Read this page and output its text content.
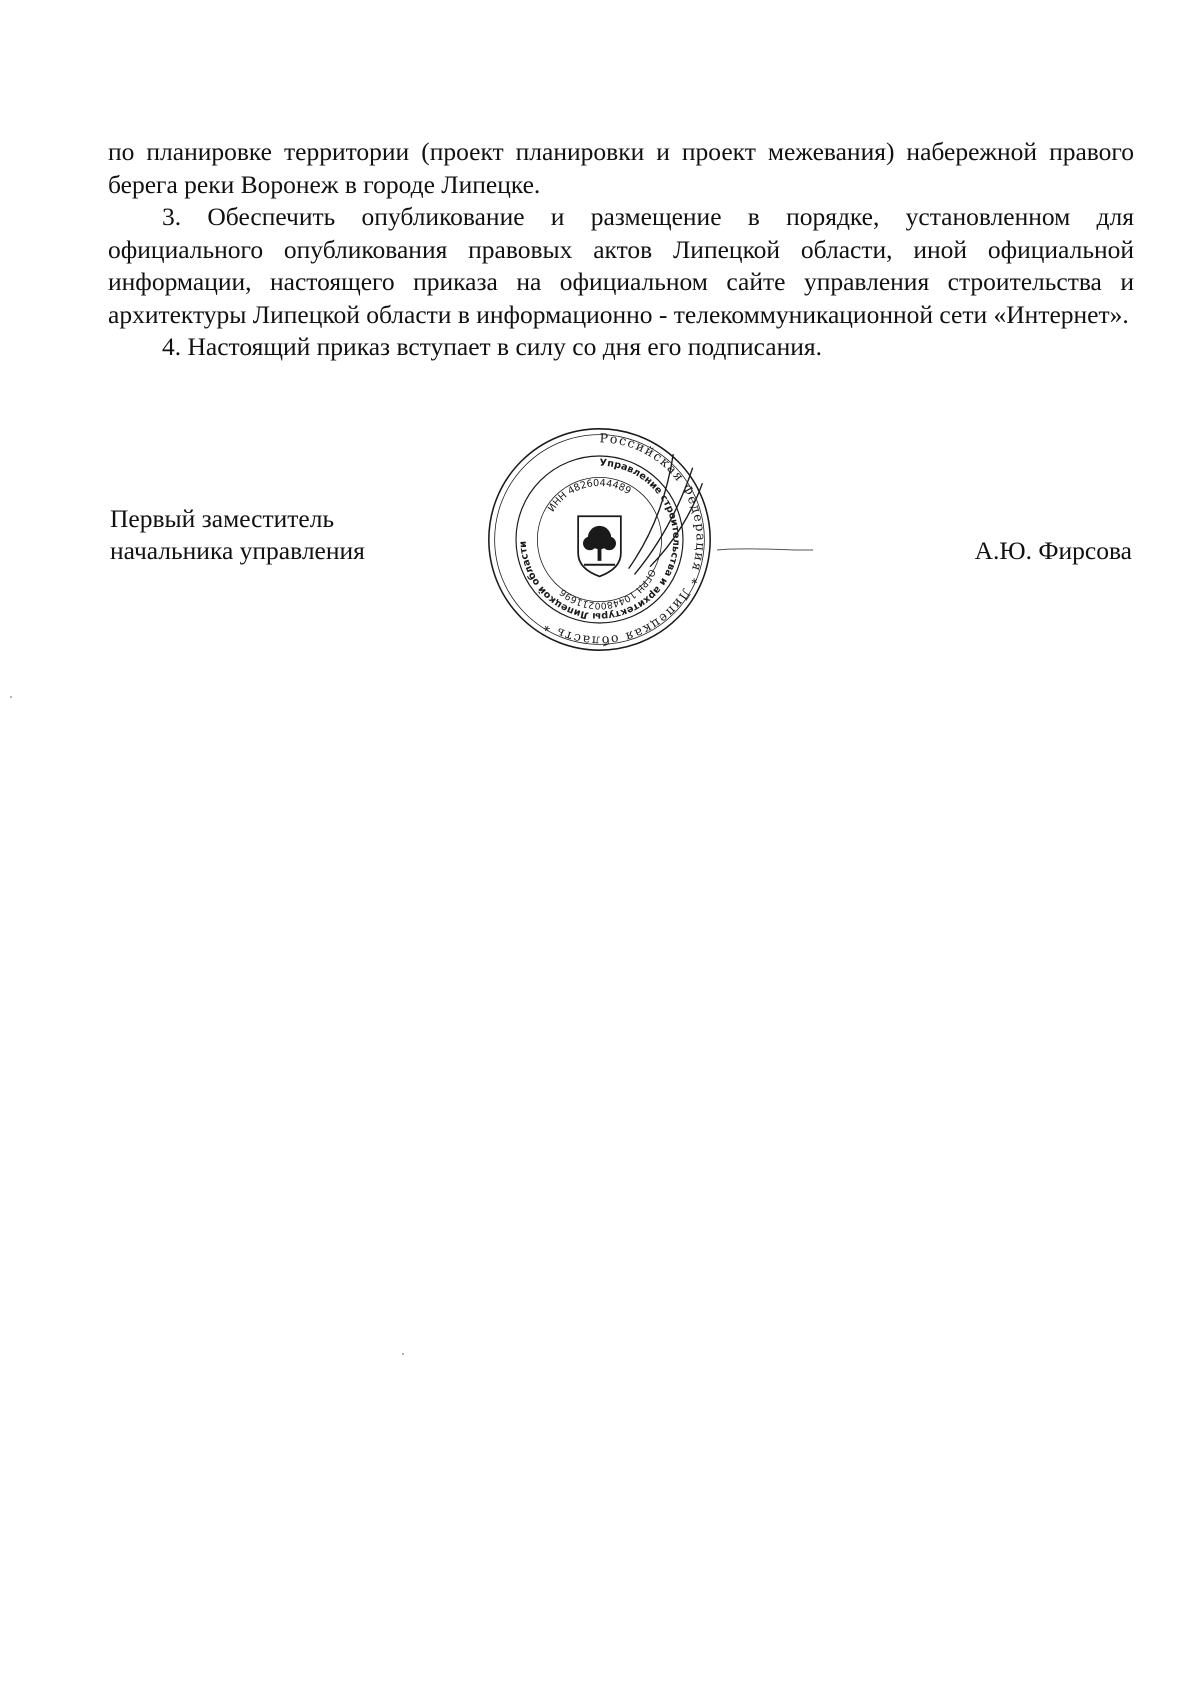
по планировке территории (проект планировки и проект межевания) набережной правого берега реки Воронеж в городе Липецке.

3. Обеспечить опубликование и размещение в порядке, установленном для официального опубликования правовых актов Липецкой области, иной официальной информации, настоящего приказа на официальном сайте управления строительства и архитектуры Липецкой области в информационно - телекоммуникационной сети «Интернет».

4. Настоящий приказ вступает в силу со дня его подписания.

Первый заместитель
начальника управления
Российская Федерация * Липецкая область *
Управление строительства и архитектуры Липецкой области
ИНН 4826044489
ОГРН 1044800211696
А.Ю. Фирсова
